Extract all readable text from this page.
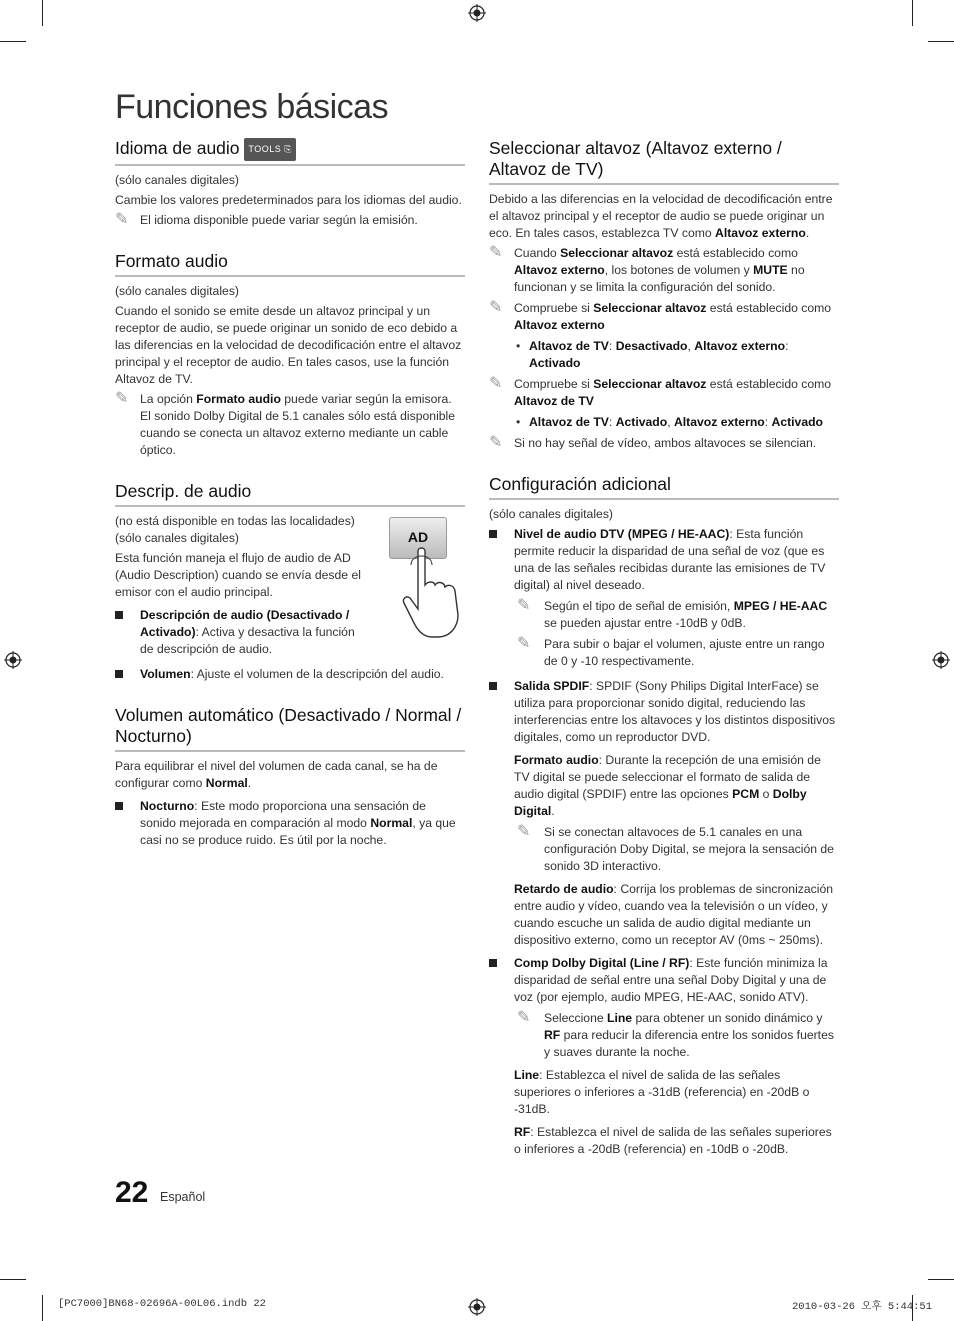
Funciones básicas
Idioma de audio TOOLS ⎘

(sólo canales digitales)

Cambie los valores predeterminados para los idiomas del audio.

✎ El idioma disponible puede variar según la emisión.
Formato audio

(sólo canales digitales)

Cuando el sonido se emite desde un altavoz principal y un receptor de audio, se puede originar un sonido de eco debido a las diferencias en la velocidad de decodificación entre el altavoz principal y el receptor de audio. En tales casos, use la función Altavoz de TV.

✎ La opción Formato audio puede variar según la emisora. El sonido Dolby Digital de 5.1 canales sólo está disponible cuando se conecta un altavoz externo mediante un cable óptico.
Descrip. de audio

(no está disponible en todas las localidades) (sólo canales digitales)

Esta función maneja el flujo de audio de AD (Audio Description) cuando se envía desde el emisor con el audio principal.

Descripción de audio (Desactivado / Activado): Activa y desactiva la función de descripción de audio.
Volumen: Ajuste el volumen de la descripción del audio.
Volumen automático (Desactivado / Normal / Nocturno)

Para equilibrar el nivel del volumen de cada canal, se ha de configurar como Normal.

Nocturno: Este modo proporciona una sensación de sonido mejorada en comparación al modo Normal, ya que casi no se produce ruido. Es útil por la noche.
AD
Seleccionar altavoz (Altavoz externo / Altavoz de TV)

Debido a las diferencias en la velocidad de decodificación entre el altavoz principal y el receptor de audio se puede originar un eco. En tales casos, establezca TV como Altavoz externo.

✎ Cuando Seleccionar altavoz está establecido como Altavoz externo, los botones de volumen y MUTE no funcionan y se limita la configuración del sonido.
✎ Compruebe si Seleccionar altavoz está establecido como Altavoz externo
• Altavoz de TV: Desactivado, Altavoz externo: Activado
✎ Compruebe si Seleccionar altavoz está establecido como Altavoz de TV
• Altavoz de TV: Activado, Altavoz externo: Activado
✎ Si no hay señal de vídeo, ambos altavoces se silencian.
Configuración adicional

(sólo canales digitales)

Nivel de audio DTV (MPEG / HE-AAC): Esta función permite reducir la disparidad de una señal de voz (que es una de las señales recibidas durante las emisiones de TV digital) al nivel deseado.
✎ Según el tipo de señal de emisión, MPEG / HE-AAC se pueden ajustar entre -10dB y 0dB.
✎ Para subir o bajar el volumen, ajuste entre un rango de 0 y -10 respectivamente.
Salida SPDIF: SPDIF (Sony Philips Digital InterFace) se utiliza para proporcionar sonido digital, reduciendo las interferencias entre los altavoces y los distintos dispositivos digitales, como un reproductor DVD.
Formato audio: Durante la recepción de una emisión de TV digital se puede seleccionar el formato de salida de audio digital (SPDIF) entre las opciones PCM o Dolby Digital.
✎ Si se conectan altavoces de 5.1 canales en una configuración Doby Digital, se mejora la sensación de sonido 3D interactivo.
Retardo de audio: Corrija los problemas de sincronización entre audio y vídeo, cuando vea la televisión o un vídeo, y cuando escuche un salida de audio digital mediante un dispositivo externo, como un receptor AV (0ms ~ 250ms).
Comp Dolby Digital (Line / RF): Este función minimiza la disparidad de señal entre una señal Doby Digital y una de voz (por ejemplo, audio MPEG, HE-AAC, sonido ATV).
✎ Seleccione Line para obtener un sonido dinámico y RF para reducir la diferencia entre los sonidos fuertes y suaves durante la noche.
Line: Establezca el nivel de salida de las señales superiores o inferiores a -31dB (referencia) en -20dB o -31dB.
RF: Establezca el nivel de salida de las señales superiores o inferiores a -20dB (referencia) en -10dB o -20dB.
22 Español
[PC7000]BN68-02696A-00L06.indb 22	2010-03-26 오후 5:44:51
